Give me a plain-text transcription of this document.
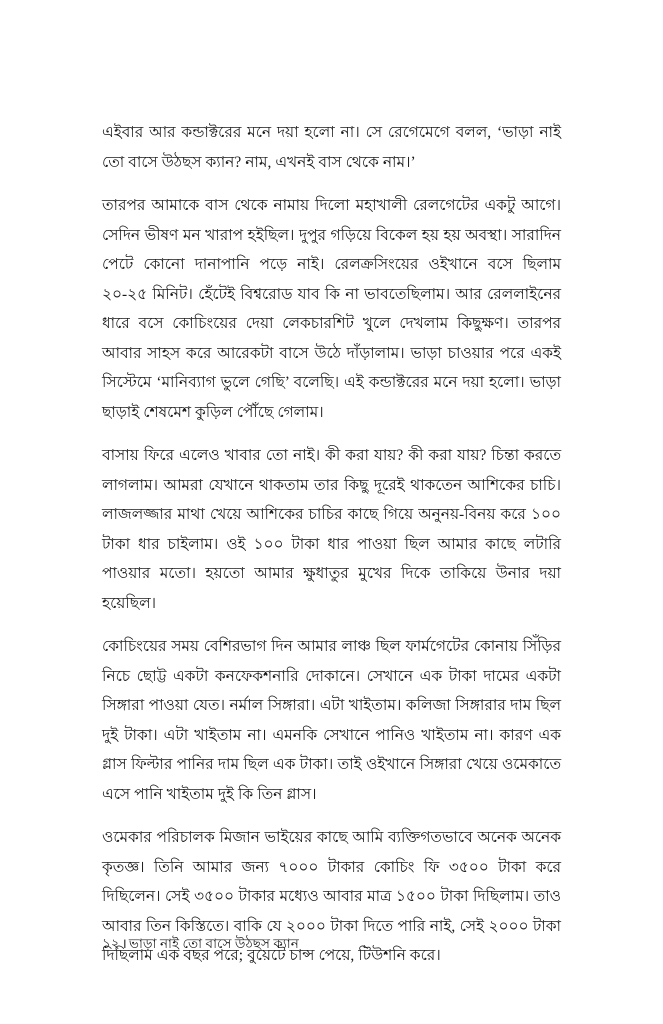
এইবার আর কন্ডাক্টরের মনে দয়া হলো না। সে রেগেমেগে বলল, ‘ভাড়া নাই তো বাসে উঠছস ক্যান? নাম, এখনই বাস থেকে নাম।’

তারপর আমাকে বাস থেকে নামায় দিলো মহাখালী রেলগেটের একটু আগে। সেদিন ভীষণ মন খারাপ হইছিল। দুপুর গড়িয়ে বিকেল হয় হয় অবস্থা। সারাদিন পেটে কোনো দানাপানি পড়ে নাই। রেলক্রসিংয়ের ওইখানে বসে ছিলাম ২০-২৫ মিনিট। হেঁটেই বিশ্বরোড যাব কি না ভাবতেছিলাম। আর রেললাইনের ধারে বসে কোচিংয়ের দেয়া লেকচারশিট খুলে দেখলাম কিছুক্ষণ। তারপর আবার সাহস করে আরেকটা বাসে উঠে দাঁড়ালাম। ভাড়া চাওয়ার পরে একই সিস্টেমে ‘মানিব্যাগ ভুলে গেছি’ বলেছি। এই কন্ডাক্টরের মনে দয়া হলো। ভাড়া ছাড়াই শেষমেশ কুড়িল পৌঁছে গেলাম।

বাসায় ফিরে এলেও খাবার তো নাই। কী করা যায়? কী করা যায়? চিন্তা করতে লাগলাম। আমরা যেখানে থাকতাম তার কিছু দূরেই থাকতেন আশিকের চাচি। লাজলজ্জার মাথা খেয়ে আশিকের চাচির কাছে গিয়ে অনুনয়-বিনয় করে ১০০ টাকা ধার চাইলাম। ওই ১০০ টাকা ধার পাওয়া ছিল আমার কাছে লটারি পাওয়ার মতো। হয়তো আমার ক্ষুধাতুর মুখের দিকে তাকিয়ে উনার দয়া হয়েছিল।

কোচিংয়ের সময় বেশিরভাগ দিন আমার লাঞ্চ ছিল ফার্মগেটের কোনায় সিঁড়ির নিচে ছোট্ট একটা কনফেকশনারি দোকানে। সেখানে এক টাকা দামের একটা সিঙ্গারা পাওয়া যেত। নর্মাল সিঙ্গারা। এটা খাইতাম। কলিজা সিঙ্গারার দাম ছিল দুই টাকা। এটা খাইতাম না। এমনকি সেখানে পানিও খাইতাম না। কারণ এক গ্লাস ফিল্টার পানির দাম ছিল এক টাকা। তাই ওইখানে সিঙ্গারা খেয়ে ওমেকাতে এসে পানি খাইতাম দুই কি তিন গ্লাস।

ওমেকার পরিচালক মিজান ভাইয়ের কাছে আমি ব্যক্তিগতভাবে অনেক অনেক কৃতজ্ঞ। তিনি আমার জন্য ৭০০০ টাকার কোচিং ফি ৩৫০০ টাকা করে দিছিলেন। সেই ৩৫০০ টাকার মধ্যেও আবার মাত্র ১৫০০ টাকা দিছিলাম। তাও আবার তিন কিস্তিতে। বাকি যে ২০০০ টাকা দিতে পারি নাই, সেই ২০০০ টাকা দিছিলাম এক বছর পরে; বুয়েটে চান্স পেয়ে, টিউশনি করে।

১২ । ভাড়া নাই তো বাসে উঠছস ক্যান
